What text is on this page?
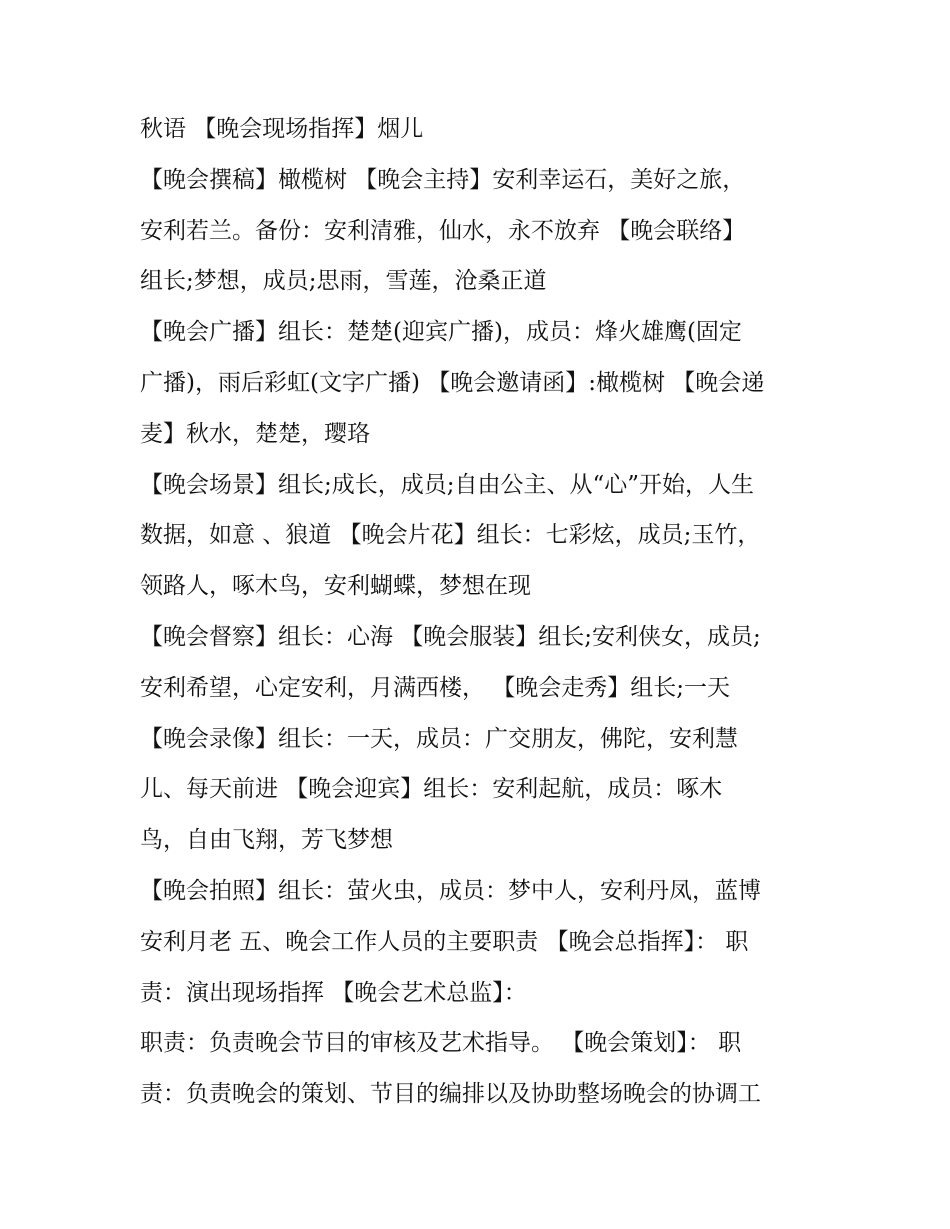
秋语 【晚会现场指挥】烟儿
【晚会撰稿】橄榄树 【晚会主持】安利幸运石，美好之旅，
安利若兰。备份：安利清雅，仙水，永不放弃 【晚会联络】
组长;梦想，成员;思雨，雪莲，沧桑正道
【晚会广播】组长：楚楚(迎宾广播)，成员：烽火雄鹰(固定
广播)，雨后彩虹(文字广播) 【晚会邀请函】:橄榄树 【晚会递
麦】秋水，楚楚，璎珞
【晚会场景】组长;成长，成员;自由公主、从“心”开始，人生
数据，如意 、狼道 【晚会片花】组长：七彩炫，成员;玉竹，
领路人，啄木鸟，安利蝴蝶，梦想在现
【晚会督察】组长：心海 【晚会服装】组长;安利侠女，成员;
安利希望，心定安利，月满西楼， 【晚会走秀】组长;一天
【晚会录像】组长：一天，成员：广交朋友，佛陀，安利慧
儿、每天前进 【晚会迎宾】组长：安利起航，成员：啄木
鸟，自由飞翔，芳飞梦想
【晚会拍照】组长：萤火虫，成员：梦中人，安利丹凤，蓝博
安利月老 五、晚会工作人员的主要职责 【晚会总指挥】： 职
责：演出现场指挥 【晚会艺术总监】：
职责：负责晚会节目的审核及艺术指导。 【晚会策划】： 职
责：负责晚会的策划、节目的编排以及协助整场晚会的协调工
